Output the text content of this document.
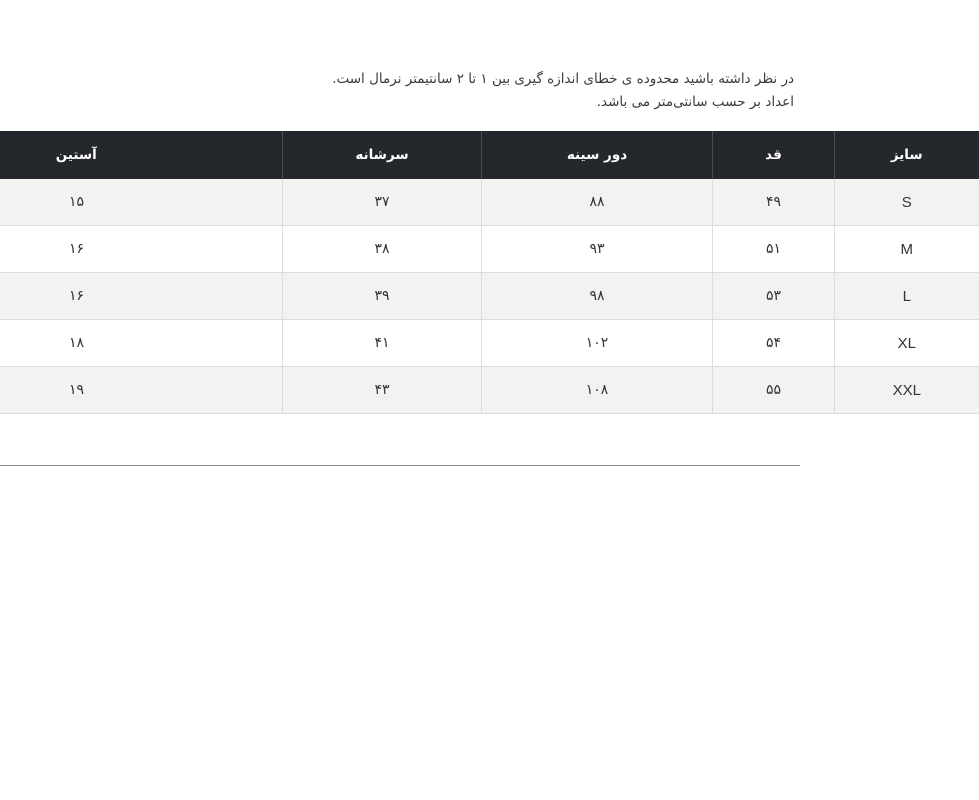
در نظر داشته باشید محدوده ی خطای اندازه گیری بین ۱ تا ۲ سانتیمتر نرمال است.

اعداد بر حسب سانتی‌متر می باشد.

سایز	قد	دور سینه	سرشانه	آستین
S	۴۹	۸۸	۳۷	۱۵
M	۵۱	۹۳	۳۸	۱۶
L	۵۳	۹۸	۳۹	۱۶
XL	۵۴	۱۰۲	۴۱	۱۸
XXL	۵۵	۱۰۸	۴۳	۱۹
